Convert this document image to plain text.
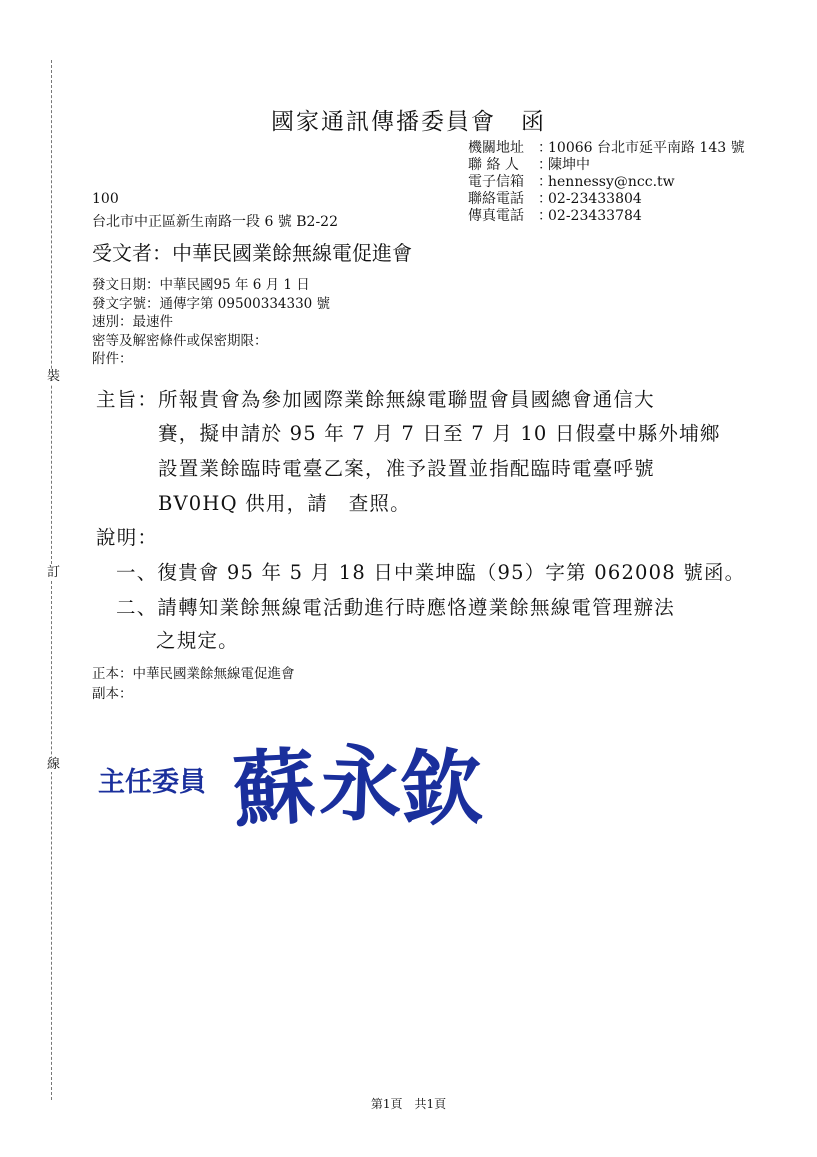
裝
訂
線
國家通訊傳播委員會　函
機關地址	：
10066 台北市延平南路 143 號
聯 絡 人	：
陳坤中
電子信箱	：
hennessy@ncc.tw
聯絡電話	：
02-23433804
傳真電話	：
02-23433784
100
台北市中正區新生南路一段 6 號 B2-22
受文者：中華民國業餘無線電促進會
發文日期：中華民國95 年 6 月 1 日
發文字號：通傳字第 09500334330 號
速別：最速件
密等及解密條件或保密期限：
附件：
主旨： 所報貴會為參加國際業餘無線電聯盟會員國總會通信大
賽，擬申請於 95 年 7 月 7 日至 7 月 10 日假臺中縣外埔鄉
設置業餘臨時電臺乙案，准予設置並指配臨時電臺呼號
BV0HQ 供用，請　查照。
說明：
一、復貴會 95 年 5 月 18 日中業坤臨（95）字第 062008 號函。
二、請轉知業餘無線電活動進行時應恪遵業餘無線電管理辦法
之規定。
正本：中華民國業餘無線電促進會
副本：
主任委員 蘇 永
欽
第1頁　共1頁
